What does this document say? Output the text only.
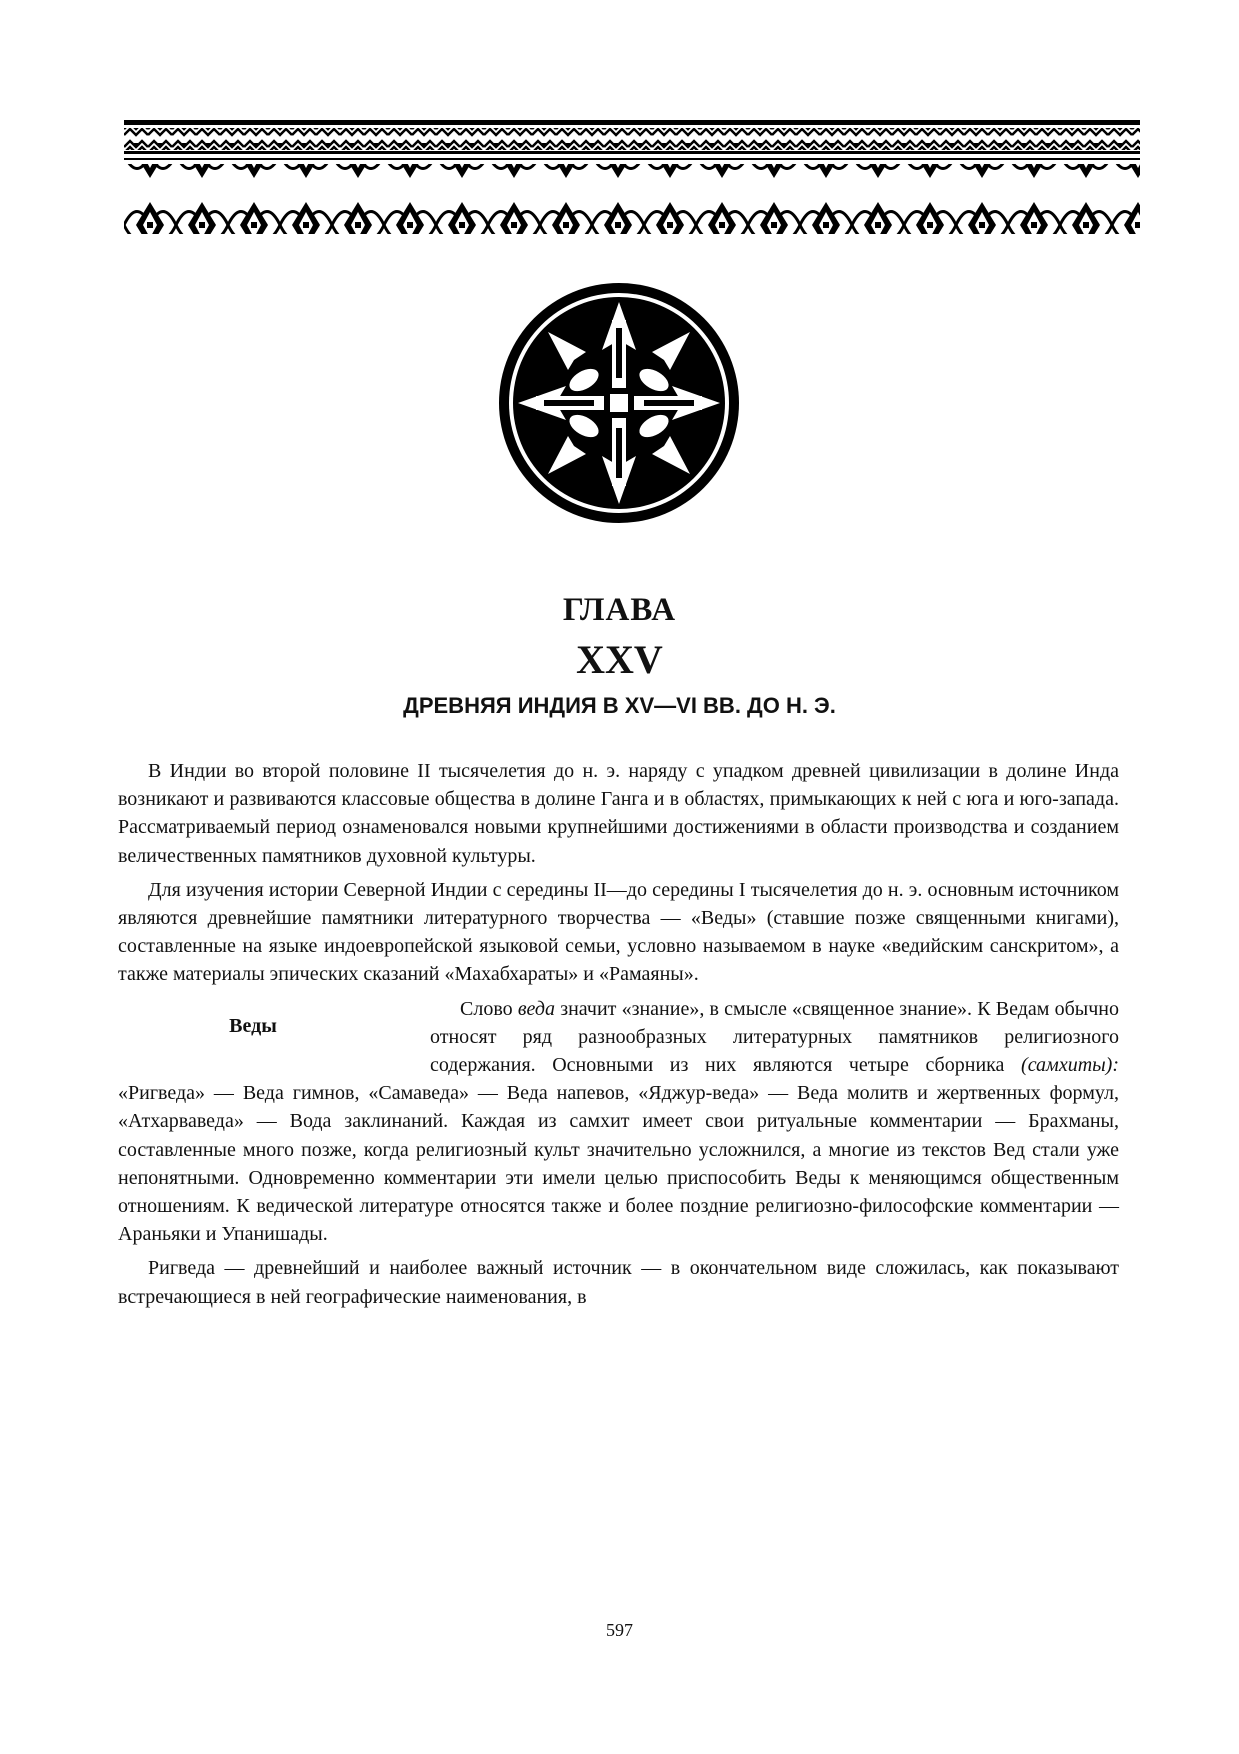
ГЛАВА
XXV
ДРЕВНЯЯ ИНДИЯ В XV—VI ВВ. ДО Н. Э.

В Индии во второй половине II тысячелетия до н. э. наряду с упадком древней цивилизации в долине Инда возникают и развиваются классовые общества в долине Ганга и в областях, примыкающих к ней с юга и юго-запада. Рассматриваемый период ознаменовался новыми крупнейшими достижениями в области производства и созданием величественных памятников духовной культуры.

Для изучения истории Северной Индии с середины II—до середины I тысячелетия до н. э. основным источником являются древнейшие памятники литературного творчества — «Веды» (ставшие позже священными книгами), составленные на языке индоевропейской языковой семьи, условно называемом в науке «ведийским санскритом», а также материалы эпических сказаний «Махабхараты» и «Рамаяны».

Веды
Слово веда значит «знание», в смысле «священное знание». К Ведам обычно относят ряд разнообразных литературных памятников религиозного содержания. Основными из них являются четыре сборника (самхиты): «Ригведа» — Веда гимнов, «Самаведа» — Веда напевов, «Яджур-веда» — Веда молитв и жертвенных формул, «Атхарваведа» — Вода заклинаний. Каждая из самхит имеет свои ритуальные комментарии — Брахманы, составленные много позже, когда религиозный культ значительно усложнился, а многие из текстов Вед стали уже непонятными. Одновременно комментарии эти имели целью приспособить Веды к меняющимся общественным отношениям. К ведической литературе относятся также и более поздние религиозно-философские комментарии — Араньяки и Упанишады.

Ригведа — древнейший и наиболее важный источник — в окончательном виде сложилась, как показывают встречающиеся в ней географические наименования, в

597
